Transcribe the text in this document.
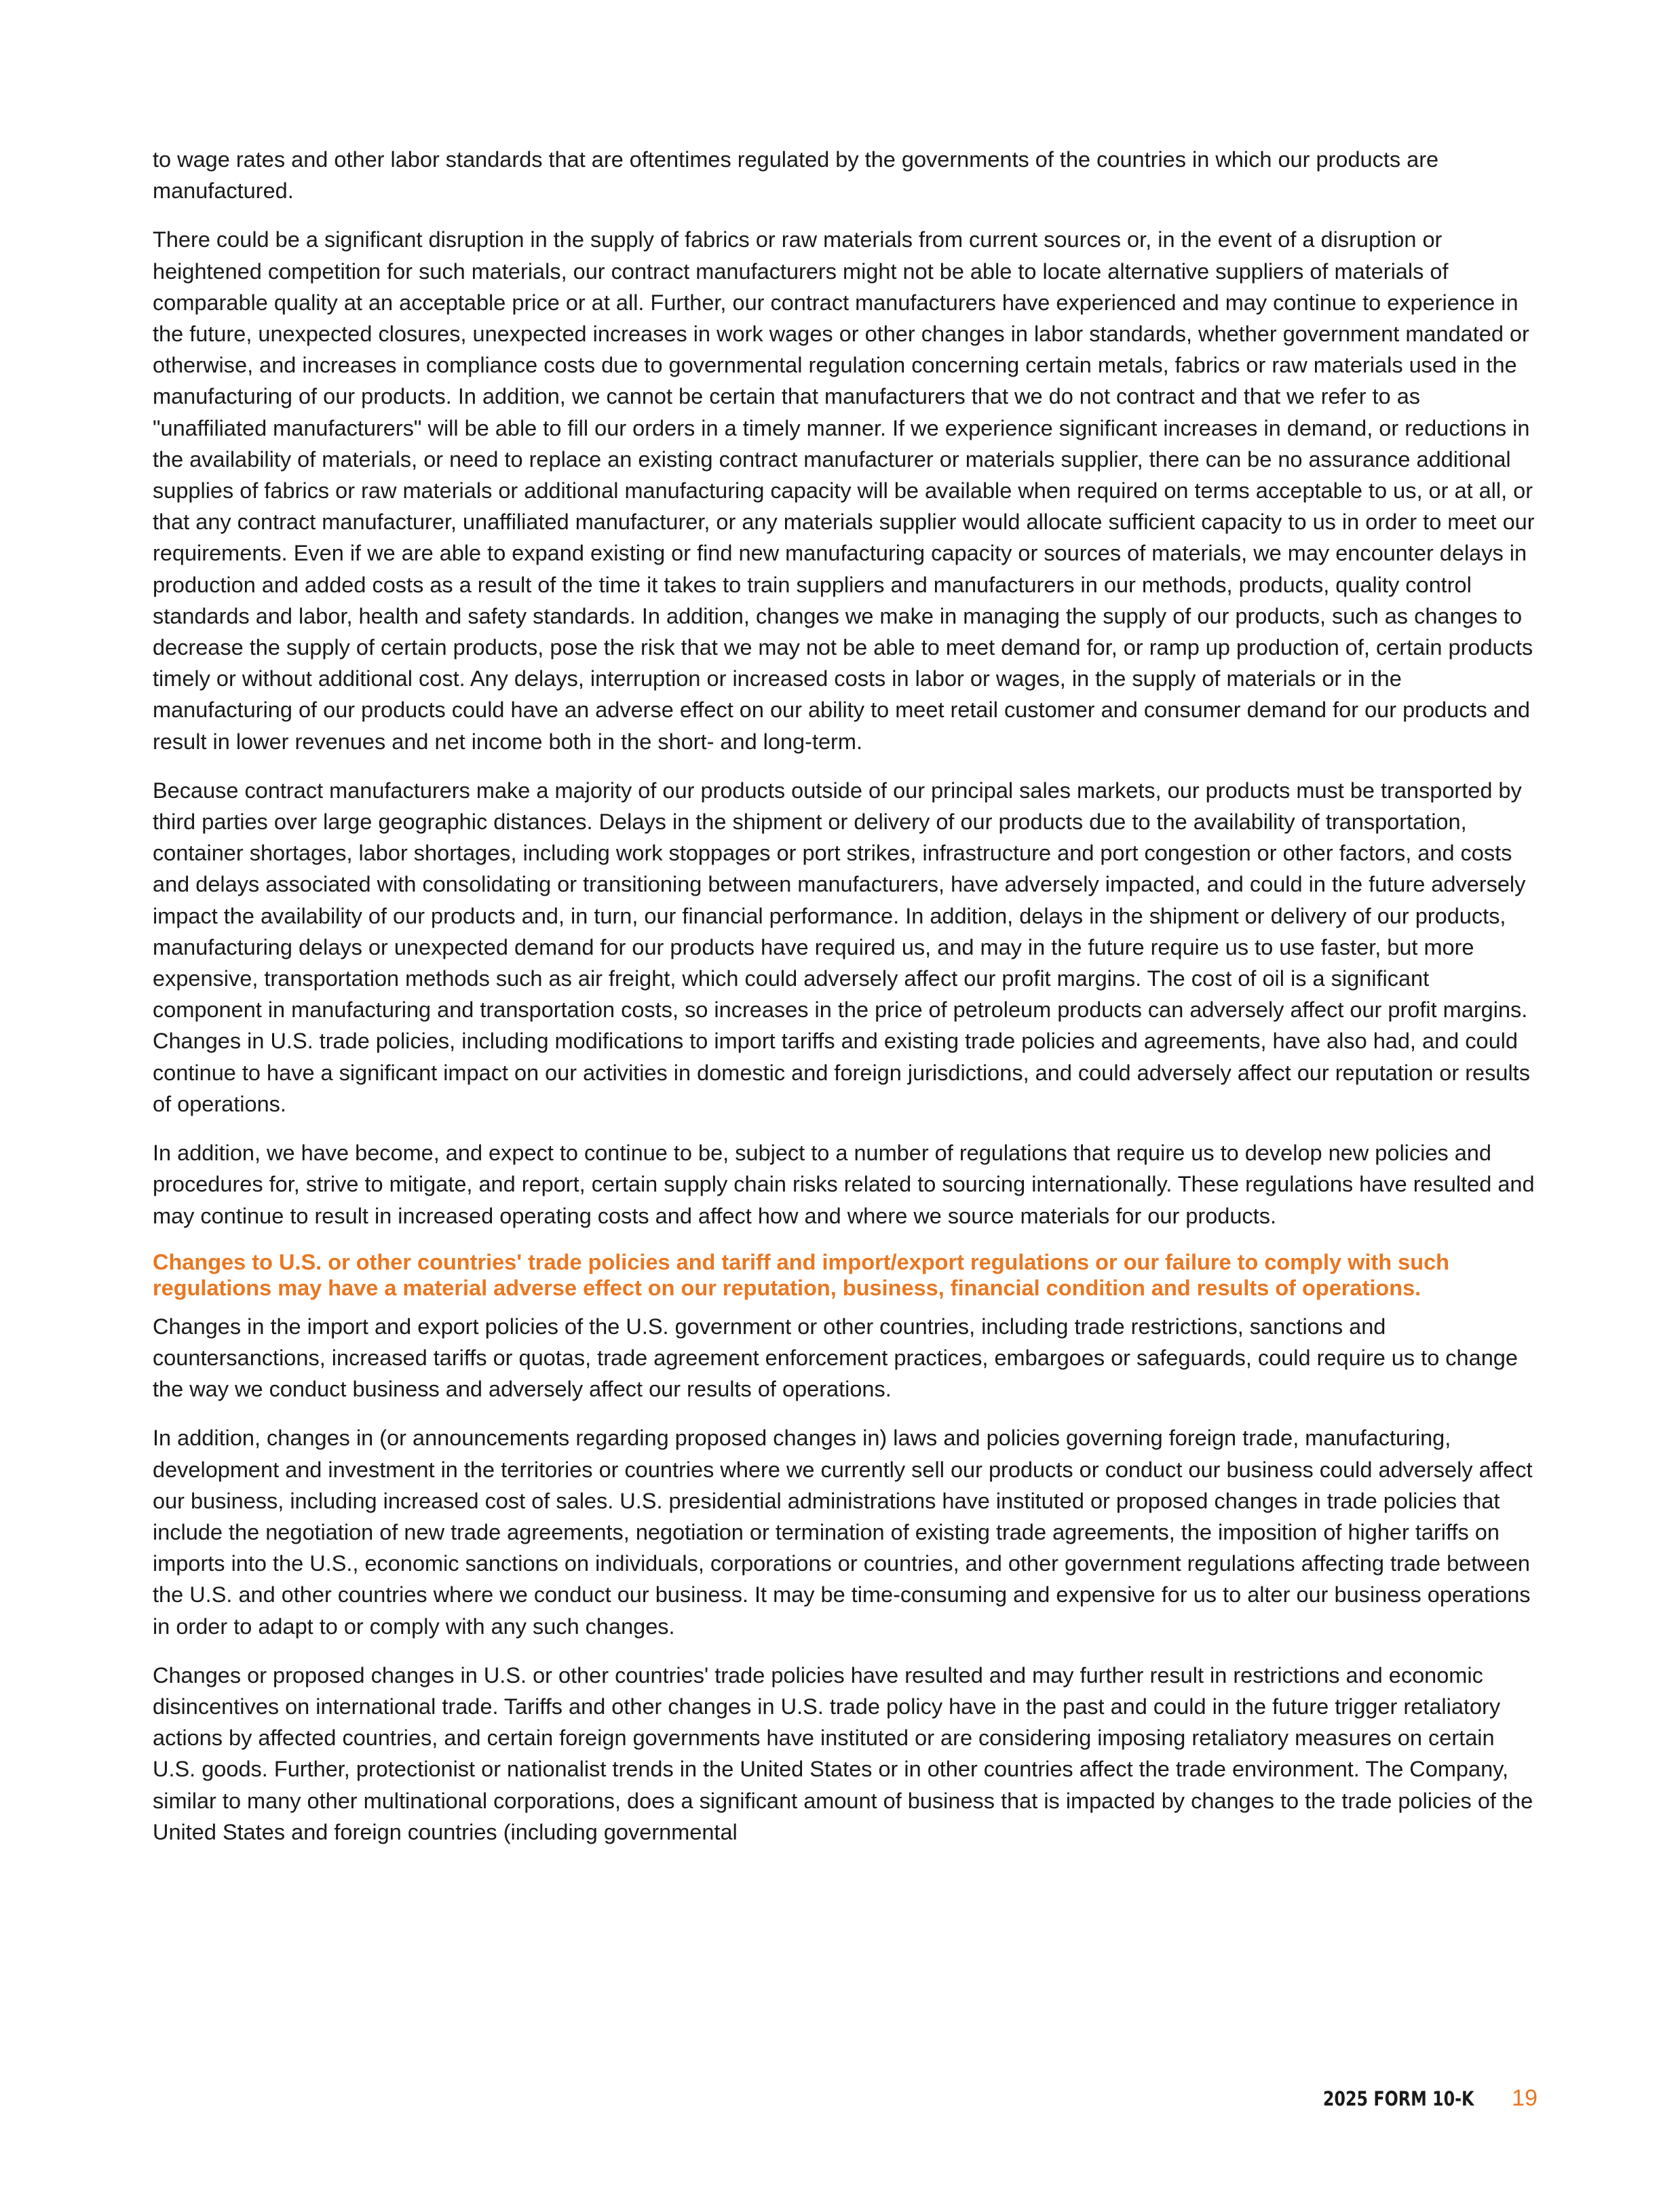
to wage rates and other labor standards that are oftentimes regulated by the governments of the countries in which our products are manufactured.

There could be a significant disruption in the supply of fabrics or raw materials from current sources or, in the event of a disruption or heightened competition for such materials, our contract manufacturers might not be able to locate alternative suppliers of materials of comparable quality at an acceptable price or at all. Further, our contract manufacturers have experienced and may continue to experience in the future, unexpected closures, unexpected increases in work wages or other changes in labor standards, whether government mandated or otherwise, and increases in compliance costs due to governmental regulation concerning certain metals, fabrics or raw materials used in the manufacturing of our products. In addition, we cannot be certain that manufacturers that we do not contract and that we refer to as "unaffiliated manufacturers" will be able to fill our orders in a timely manner. If we experience significant increases in demand, or reductions in the availability of materials, or need to replace an existing contract manufacturer or materials supplier, there can be no assurance additional supplies of fabrics or raw materials or additional manufacturing capacity will be available when required on terms acceptable to us, or at all, or that any contract manufacturer, unaffiliated manufacturer, or any materials supplier would allocate sufficient capacity to us in order to meet our requirements. Even if we are able to expand existing or find new manufacturing capacity or sources of materials, we may encounter delays in production and added costs as a result of the time it takes to train suppliers and manufacturers in our methods, products, quality control standards and labor, health and safety standards. In addition, changes we make in managing the supply of our products, such as changes to decrease the supply of certain products, pose the risk that we may not be able to meet demand for, or ramp up production of, certain products timely or without additional cost. Any delays, interruption or increased costs in labor or wages, in the supply of materials or in the manufacturing of our products could have an adverse effect on our ability to meet retail customer and consumer demand for our products and result in lower revenues and net income both in the short- and long-term.

Because contract manufacturers make a majority of our products outside of our principal sales markets, our products must be transported by third parties over large geographic distances. Delays in the shipment or delivery of our products due to the availability of transportation, container shortages, labor shortages, including work stoppages or port strikes, infrastructure and port congestion or other factors, and costs and delays associated with consolidating or transitioning between manufacturers, have adversely impacted, and could in the future adversely impact the availability of our products and, in turn, our financial performance. In addition, delays in the shipment or delivery of our products, manufacturing delays or unexpected demand for our products have required us, and may in the future require us to use faster, but more expensive, transportation methods such as air freight, which could adversely affect our profit margins. The cost of oil is a significant component in manufacturing and transportation costs, so increases in the price of petroleum products can adversely affect our profit margins. Changes in U.S. trade policies, including modifications to import tariffs and existing trade policies and agreements, have also had, and could continue to have a significant impact on our activities in domestic and foreign jurisdictions, and could adversely affect our reputation or results of operations.

In addition, we have become, and expect to continue to be, subject to a number of regulations that require us to develop new policies and procedures for, strive to mitigate, and report, certain supply chain risks related to sourcing internationally. These regulations have resulted and may continue to result in increased operating costs and affect how and where we source materials for our products.

Changes to U.S. or other countries' trade policies and tariff and import/export regulations or our failure to comply with such regulations may have a material adverse effect on our reputation, business, financial condition and results of operations.

Changes in the import and export policies of the U.S. government or other countries, including trade restrictions, sanctions and countersanctions, increased tariffs or quotas, trade agreement enforcement practices, embargoes or safeguards, could require us to change the way we conduct business and adversely affect our results of operations.

In addition, changes in (or announcements regarding proposed changes in) laws and policies governing foreign trade, manufacturing, development and investment in the territories or countries where we currently sell our products or conduct our business could adversely affect our business, including increased cost of sales. U.S. presidential administrations have instituted or proposed changes in trade policies that include the negotiation of new trade agreements, negotiation or termination of existing trade agreements, the imposition of higher tariffs on imports into the U.S., economic sanctions on individuals, corporations or countries, and other government regulations affecting trade between the U.S. and other countries where we conduct our business. It may be time-consuming and expensive for us to alter our business operations in order to adapt to or comply with any such changes.

Changes or proposed changes in U.S. or other countries' trade policies have resulted and may further result in restrictions and economic disincentives on international trade. Tariffs and other changes in U.S. trade policy have in the past and could in the future trigger retaliatory actions by affected countries, and certain foreign governments have instituted or are considering imposing retaliatory measures on certain U.S. goods. Further, protectionist or nationalist trends in the United States or in other countries affect the trade environment. The Company, similar to many other multinational corporations, does a significant amount of business that is impacted by changes to the trade policies of the United States and foreign countries (including governmental

2025 FORM 10-K 19
